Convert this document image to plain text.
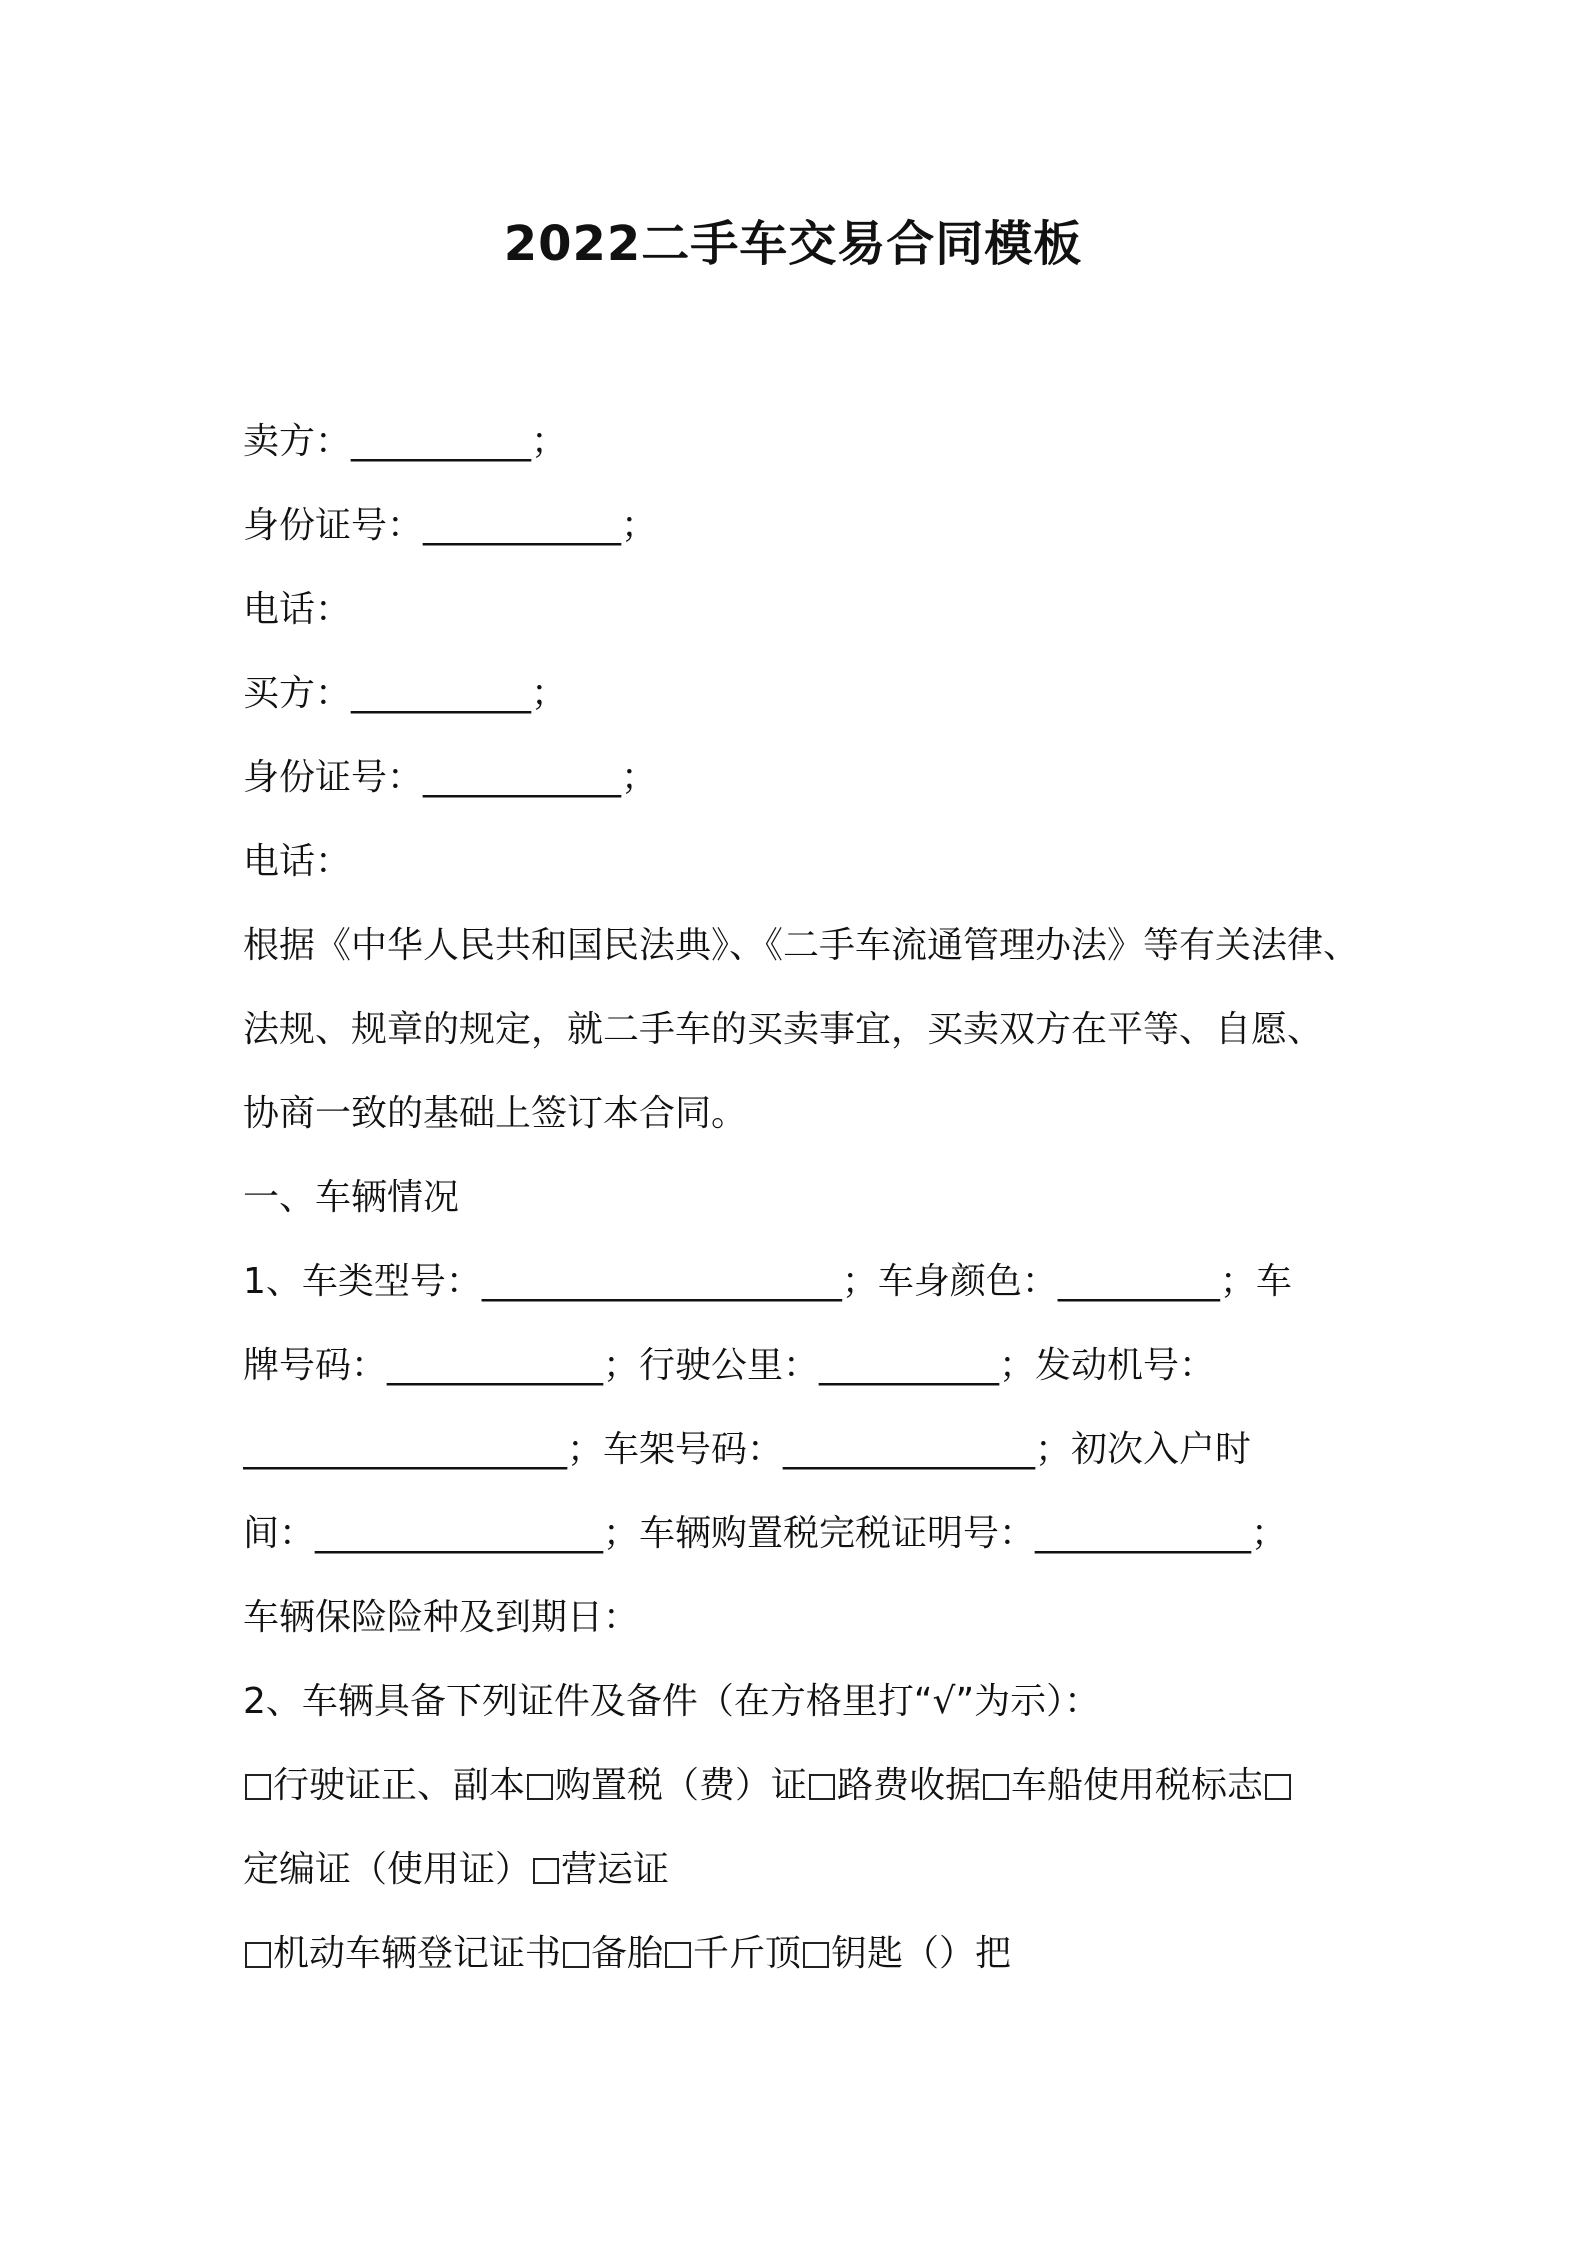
2022二手车交易合同模板
卖方：__________；
身份证号：___________；
电话：
买方：__________；
身份证号：___________；
电话：
根据《中华人民共和国民法典》、《二手车流通管理办法》等有关法律、
法规、规章的规定，就二手车的买卖事宜，买卖双方在平等、自愿、
协商一致的基础上签订本合同。
一、车辆情况
1、车类型号：____________________；车身颜色：_________；车
牌号码：____________；行驶公里：__________；发动机号：
__________________；车架号码：______________；初次入户时
间：________________；车辆购置税完税证明号：____________；
车辆保险险种及到期日：
2、车辆具备下列证件及备件（在方格里打“√”为示）：
行驶证正、副本 购置税（费）证 路费收据 车船使用税标志
定编证（使用证） 营运证
机动车辆登记证书 备胎 千斤顶 钥匙（）把
